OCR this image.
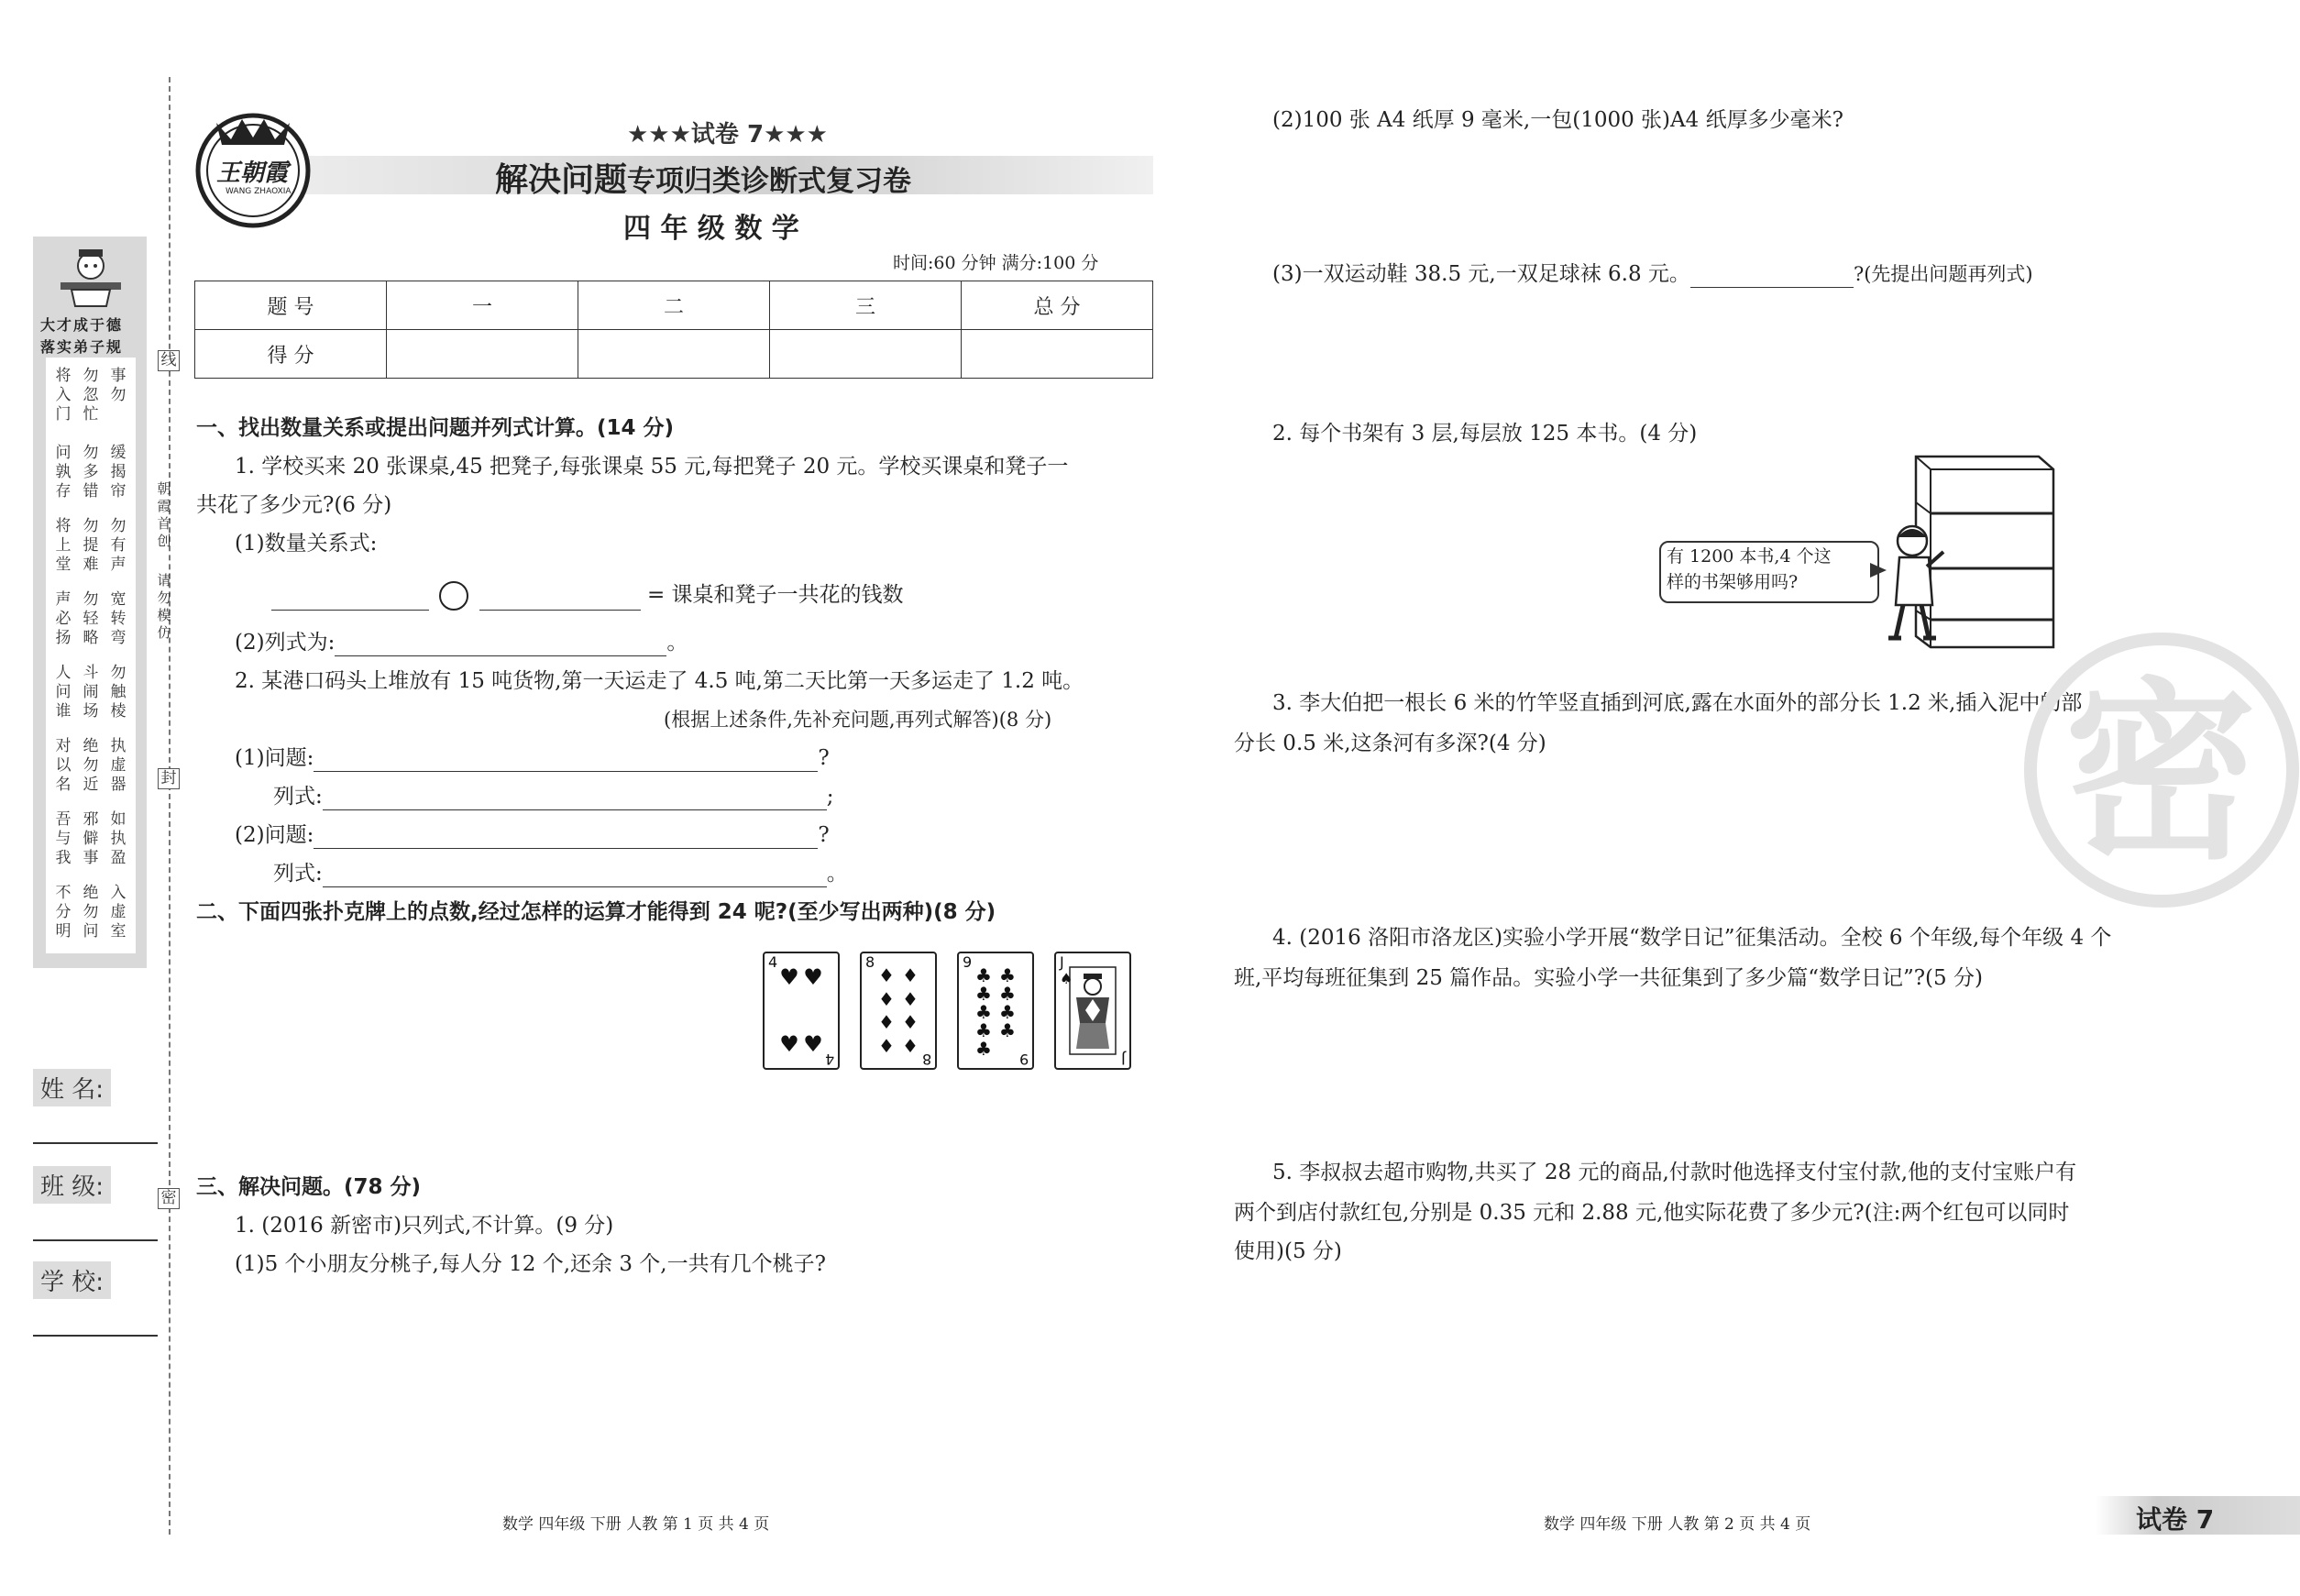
大才成于德
落实弟子规
将入门
勿忽忙
事勿
问孰存
勿多错
缓揭帘
将上堂
勿提难
勿有声
声必扬
勿轻略
宽转弯
人问谁
斗闹场
勿触棱
对以名
绝勿近
执虚器
吾与我
邪僻事
如执盈
不分明
绝勿问
入虚室
线
封
密
朝霞首创
请勿模仿
姓 名:
班 级:
学 校:
王朝霞
WANG ZHAOXIA
★★★试卷 7★★★
解决问题专项归类诊断式复习卷
四 年 级 数 学
时间:60 分钟 满分:100 分
题 号	一	二	三	总 分
得 分				
一、找出数量关系或提出问题并列式计算。(14 分)
1. 学校买来 20 张课桌,45 把凳子,每张课桌 55 元,每把凳子 20 元。学校买课桌和凳子一
共花了多少元?(6 分)
(1)数量关系式:
= 课桌和凳子一共花的钱数
(2)列式为:	。
2. 某港口码头上堆放有 15 吨货物,第一天运走了 4.5 吨,第二天比第一天多运走了 1.2 吨。
(根据上述条件,先补充问题,再列式解答)(8 分)
(1)问题:	?
列式:	;
(2)问题:	?
列式:	。
二、下面四张扑克牌上的点数,经过怎样的运算才能得到 24 呢?(至少写出两种)(8 分)
4
♥ ♥
♥ ♥
4
8
♦ ♦
♦ ♦
♦ ♦
♦ ♦
8
9
♣ ♣
♣ ♣
♣ ♣
♣ ♣
♣ 9
J
♠
J
三、解决问题。(78 分)
1. (2016 新密市)只列式,不计算。(9 分)
(1)5 个小朋友分桃子,每人分 12 个,还余 3 个,一共有几个桃子?
数学 四年级 下册 人教 第 1 页 共 4 页
(2)100 张 A4 纸厚 9 毫米,一包(1000 张)A4 纸厚多少毫米?
(3)一双运动鞋 38.5 元,一双足球袜 6.8 元。	?(先提出问题再列式)
2. 每个书架有 3 层,每层放 125 本书。(4 分)
有 1200 本书,4 个这
样的书架够用吗?
3. 李大伯把一根长 6 米的竹竿竖直插到河底,露在水面外的部分长 1.2 米,插入泥中的部
分长 0.5 米,这条河有多深?(4 分)
4. (2016 洛阳市洛龙区)实验小学开展“数学日记”征集活动。全校 6 个年级,每个年级 4 个
班,平均每班征集到 25 篇作品。实验小学一共征集到了多少篇“数学日记”?(5 分)
5. 李叔叔去超市购物,共买了 28 元的商品,付款时他选择支付宝付款,他的支付宝账户有
两个到店付款红包,分别是 0.35 元和 2.88 元,他实际花费了多少元?(注:两个红包可以同时
使用)(5 分)
密
数学 四年级 下册 人教 第 2 页 共 4 页	试卷 7
